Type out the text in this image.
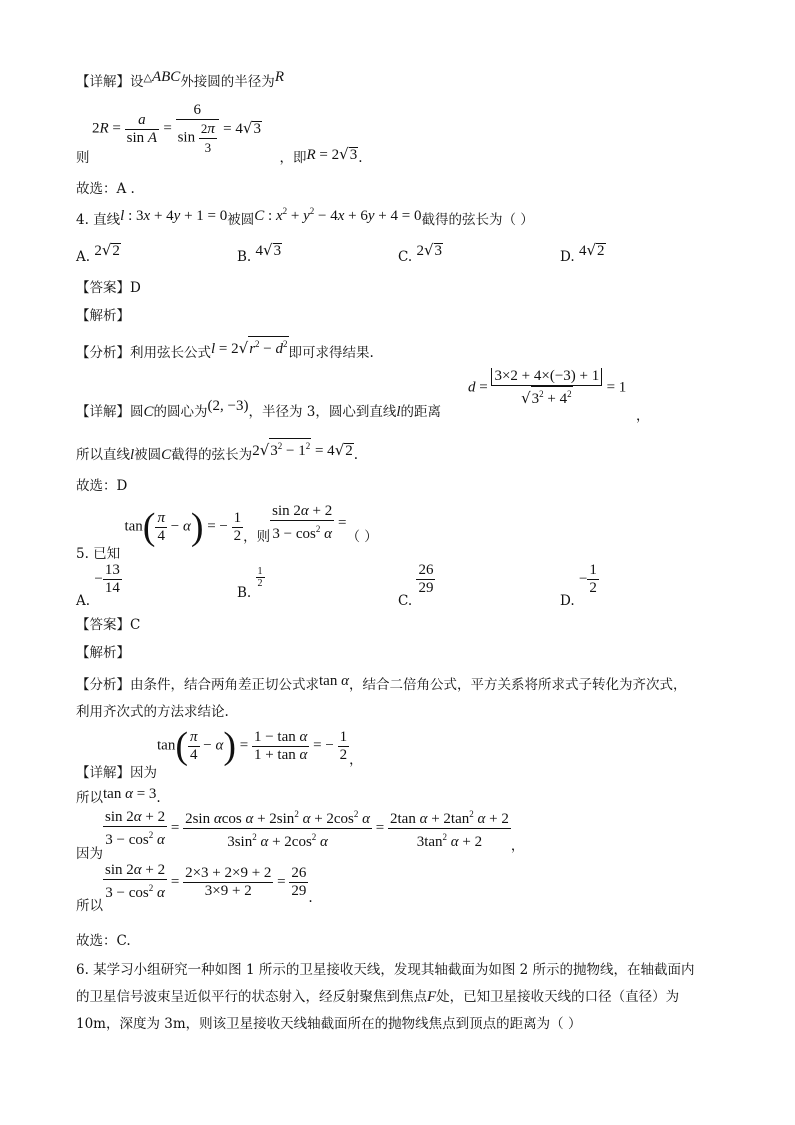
【详解】设△ABC外接圆的半径为R
$2R = \frac{a}{\text{sin A}} = \frac{6}{\sin \frac{2\pi}{3}} = 4√3$
则	，即R = 2√3.
故选：A .
4. 直线l : 3x + 4y + 1 = 0被圆C : $x^2 + y^2 - 4x + 6y + 4 = 0$截得的弦长为（ ）
A. 2√2	B. 4√3	C. 2√3	D. 4√2
【答案】D
【解析】
【分析】利用弦长公式$l = 2√r^2 - d^2$即可求得结果.
【详解】圆C的圆心为(2, −3)，半径为 3，圆心到直线l的距离
$d = \frac{3\times 2 + 4\times(-3) + 1}{√3^2 + 4^2} = 1$
，
所以直线l被圆C截得的弦长为$2√3^2 - 1^2 = 4√2$.
故选：D
5. 已知 $\tan( \frac{\pi}{4} - \alpha)$ = − $\frac{1}{2}$ ，则 $\frac{\sin 2\alpha + 2}{3 - \cos^2 \alpha}$ =（ ）
A. − $\frac{13}{14}$	B.
$\frac{1}{2}$
C.
$\frac{26}{29}$
D. − $\frac{1}{2}$
【答案】C
【解析】
【分析】由条件，结合两角差正切公式求tan α，结合二倍角公式，平方关系将所求式子转化为齐次式，
利用齐次式的方法求结论.
【详解】因为$\tan( \frac{\pi}{4} - \alpha) = \frac{\text{1 − tan α}}{\text{1 + tan α}}$ = − $\frac{1}{2}$ ，
所以tan α = 3.
因为
$\frac{\sin 2\alpha + 2}{3 - \cos^2 \alpha} = \frac{2\sin \alpha\cos \alpha + 2\sin^2 \alpha + 2\cos^2 \alpha}{3\sin^2 \alpha + 2\cos^2 \alpha} = \frac{2\tan \alpha + 2\tan^2 \alpha + 2}{3\tan^2 \alpha + 2}$ ，
所以
$\frac{\sin 2\alpha + 2}{3 - \cos^2 \alpha} = \frac{2\times 3 + 2\times 9 + 2}{3\times 9 + 2} = \frac{26}{29}$ .
故选：C.
6. 某学习小组研究一种如图 1 所示的卫星接收天线，发现其轴截面为如图 2 所示的抛物线，在轴截面内
的卫星信号波束呈近似平行的状态射入，经反射聚焦到焦点F处，已知卫星接收天线的口径（直径）为
10m，深度为 3m，则该卫星接收天线轴截面所在的抛物线焦点到顶点的距离为（ ）
